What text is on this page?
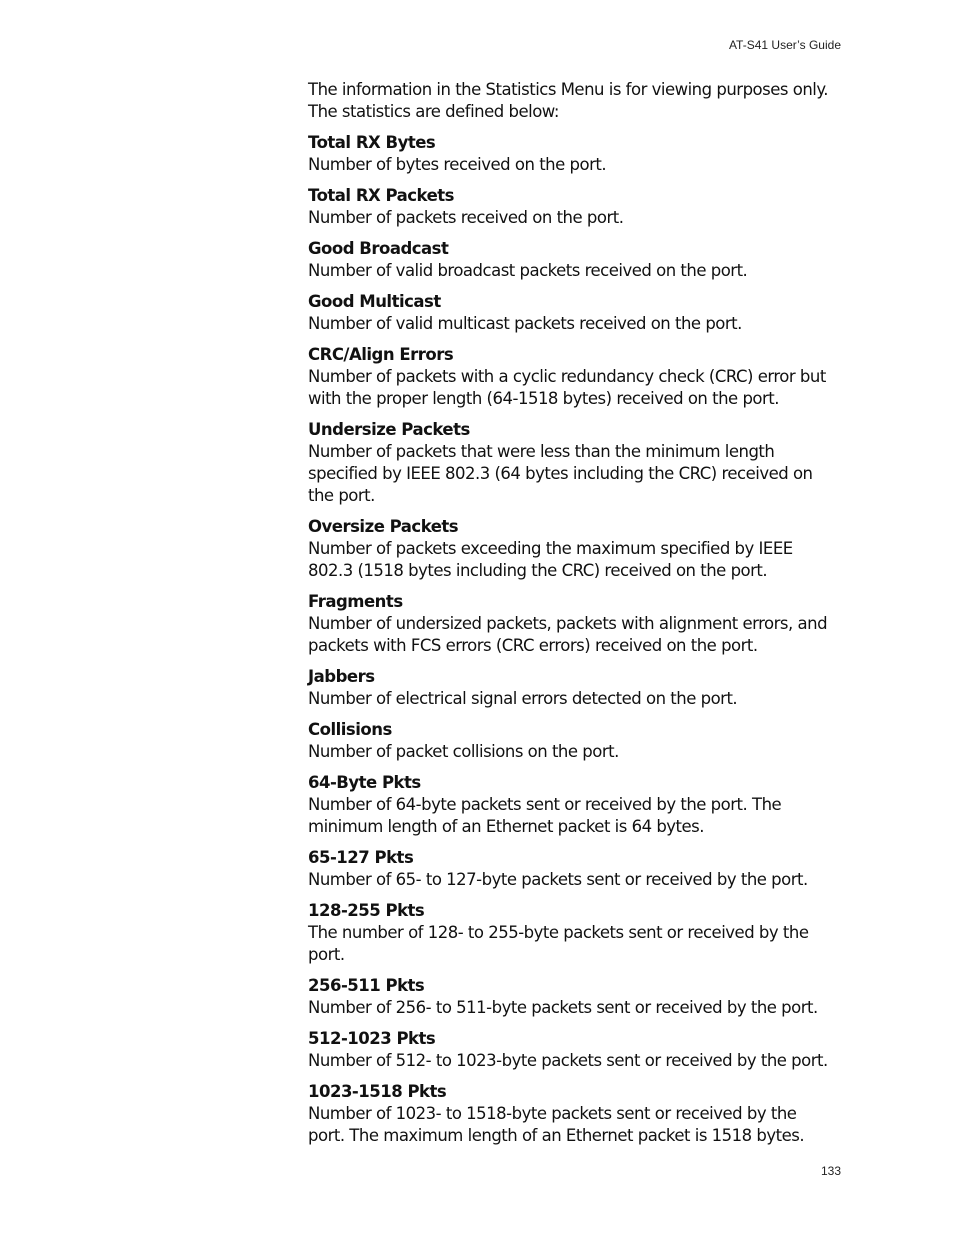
AT-S41 User’s Guide

The information in the Statistics Menu is for viewing purposes only. The statistics are defined below:

Total RX Bytes
Number of bytes received on the port.
Total RX Packets
Number of packets received on the port.
Good Broadcast
Number of valid broadcast packets received on the port.
Good Multicast
Number of valid multicast packets received on the port.
CRC/Align Errors
Number of packets with a cyclic redundancy check (CRC) error but with the proper length (64-1518 bytes) received on the port.
Undersize Packets
Number of packets that were less than the minimum length specified by IEEE 802.3 (64 bytes including the CRC) received on the port.
Oversize Packets
Number of packets exceeding the maximum specified by IEEE 802.3 (1518 bytes including the CRC) received on the port.
Fragments
Number of undersized packets, packets with alignment errors, and packets with FCS errors (CRC errors) received on the port.
Jabbers
Number of electrical signal errors detected on the port.
Collisions
Number of packet collisions on the port.
64-Byte Pkts
Number of 64-byte packets sent or received by the port. The minimum length of an Ethernet packet is 64 bytes.
65-127 Pkts
Number of 65- to 127-byte packets sent or received by the port.
128-255 Pkts
The number of 128- to 255-byte packets sent or received by the port.
256-511 Pkts
Number of 256- to 511-byte packets sent or received by the port.
512-1023 Pkts
Number of 512- to 1023-byte packets sent or received by the port.
1023-1518 Pkts
Number of 1023- to 1518-byte packets sent or received by the port. The maximum length of an Ethernet packet is 1518 bytes.
133
